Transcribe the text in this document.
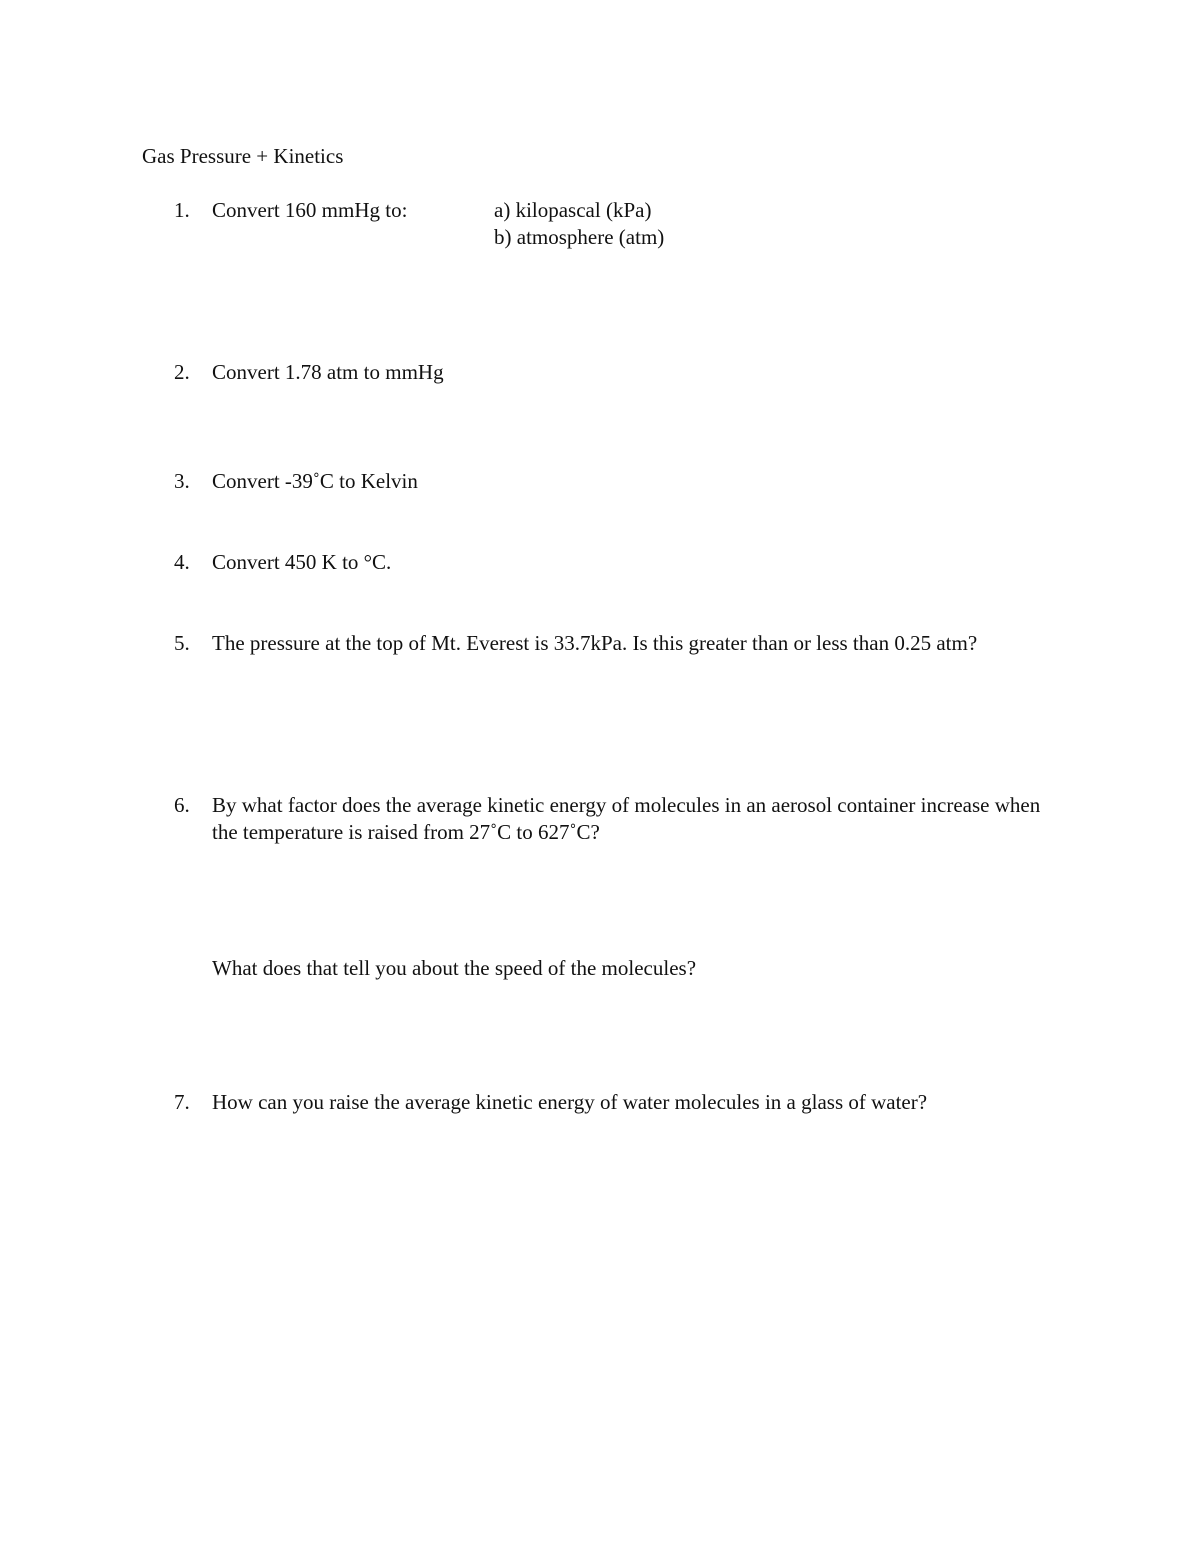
Gas Pressure + Kinetics
1.	Convert 160 mmHg to:	a) kilopascal (kPa)
b) atmosphere (atm)
2.	Convert 1.78 atm to mmHg
3.	Convert -39˚C to Kelvin
4.	Convert 450 K to °C.
5.	The pressure at the top of Mt. Everest is 33.7kPa. Is this greater than or less than 0.25 atm?
6.	By what factor does the average kinetic energy of molecules in an aerosol container increase when the temperature is raised from 27˚C to 627˚C?
What does that tell you about the speed of the molecules?
7.	How can you raise the average kinetic energy of water molecules in a glass of water?
